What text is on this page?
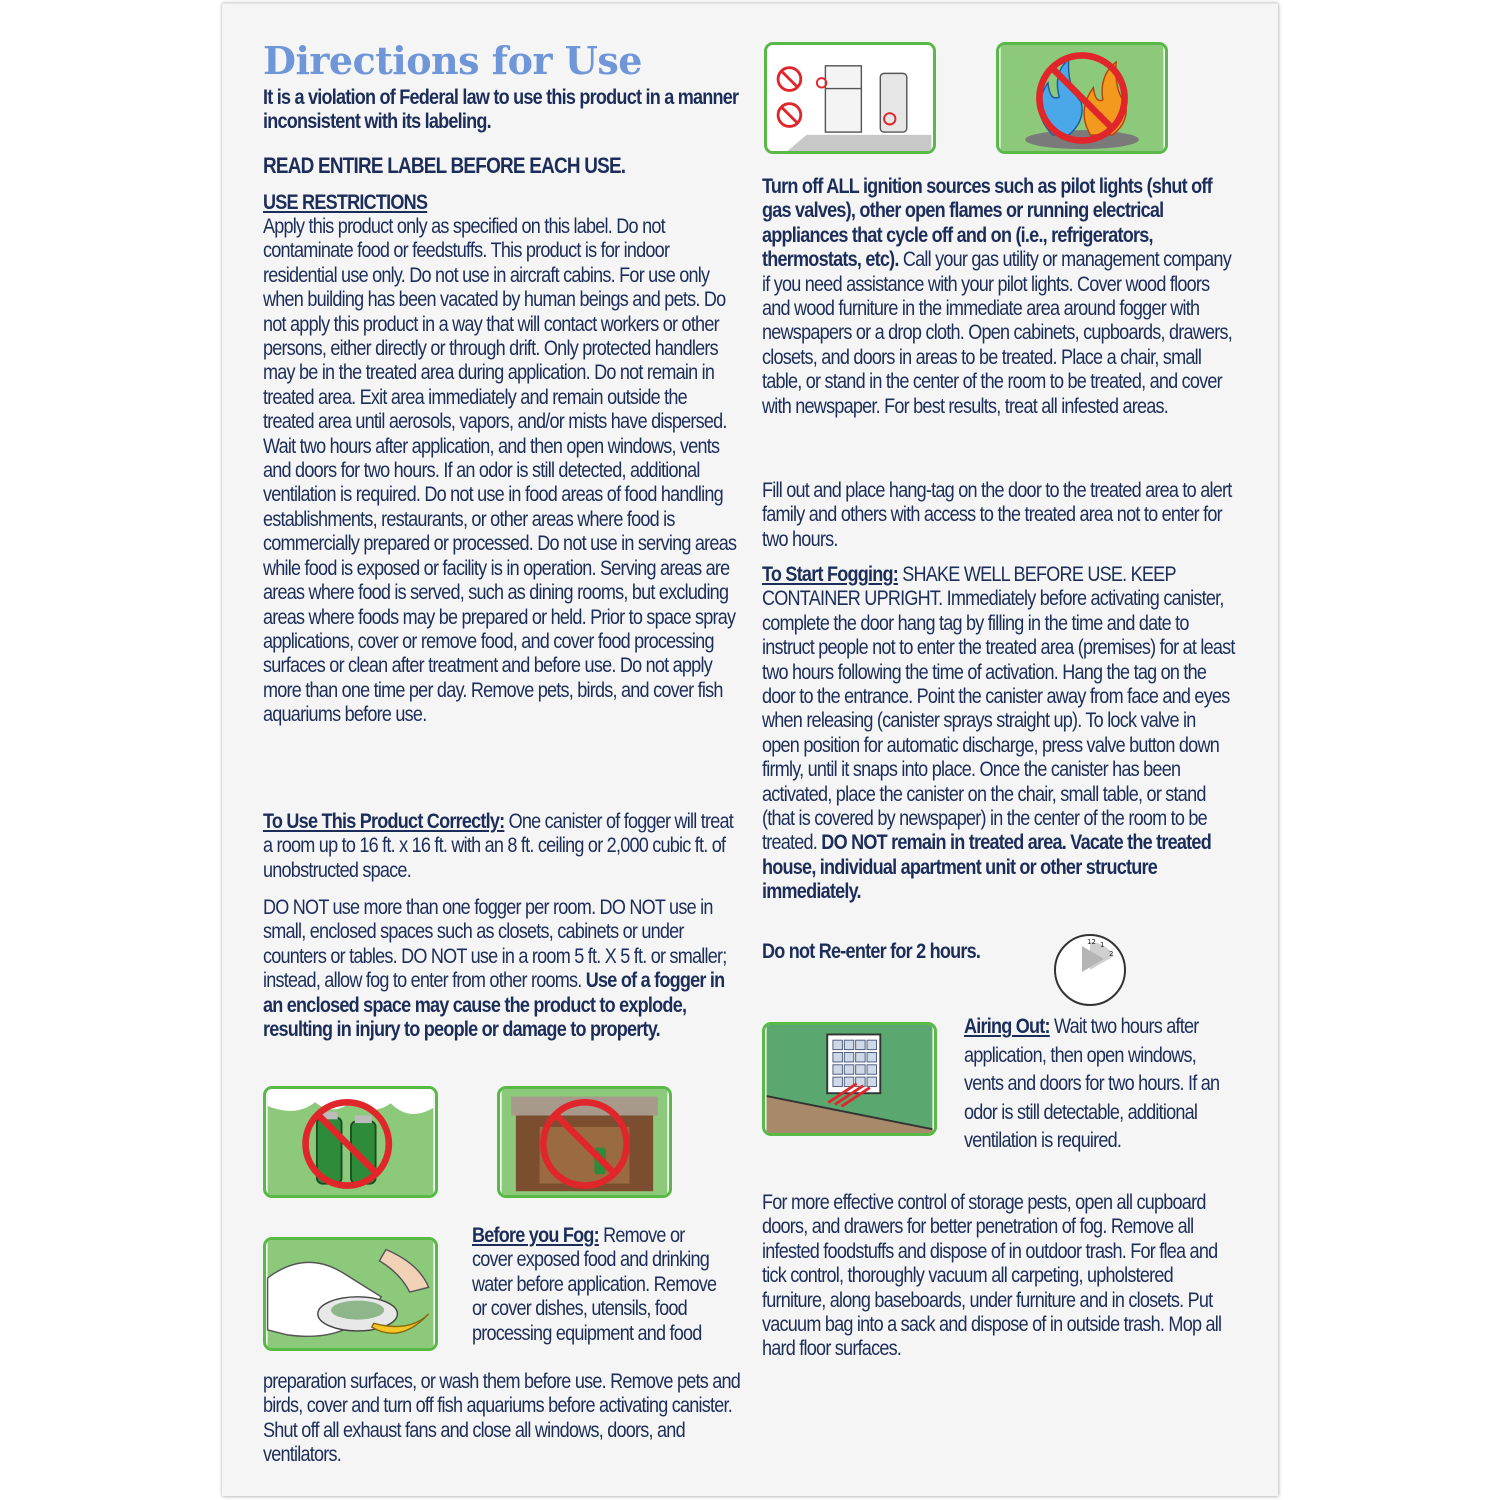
Directions for Use

It is a violation of Federal law to use this product in a manner inconsistent with its labeling.

READ ENTIRE LABEL BEFORE EACH USE.

USE RESTRICTIONS

Apply this product only as specified on this label. Do not contaminate food or feedstuffs. This product is for indoor residential use only. Do not use in aircraft cabins. For use only when building has been vacated by human beings and pets. Do not apply this product in a way that will contact workers or other persons, either directly or through drift. Only protected handlers may be in the treated area during application. Do not remain in treated area. Exit area immediately and remain outside the treated area until aerosols, vapors, and/or mists have dispersed. Wait two hours after application, and then open windows, vents and doors for two hours. If an odor is still detected, additional ventilation is required. Do not use in food areas of food handling establishments, restaurants, or other areas where food is commercially prepared or processed. Do not use in serving areas while food is exposed or facility is in operation. Serving areas are areas where food is served, such as dining rooms, but excluding areas where foods may be prepared or held. Prior to space spray applications, cover or remove food, and cover food processing surfaces or clean after treatment and before use. Do not apply more than one time per day. Remove pets, birds, and cover fish aquariums before use.

To Use This Product Correctly: One canister of fogger will treat a room up to 16 ft. x 16 ft. with an 8 ft. ceiling or 2,000 cubic ft. of unobstructed space.

DO NOT use more than one fogger per room. DO NOT use in small, enclosed spaces such as closets, cabinets or under counters or tables. DO NOT use in a room 5 ft. X 5 ft. or smaller; instead, allow fog to enter from other rooms. Use of a fogger in an enclosed space may cause the product to explode, resulting in injury to people or damage to property.

Before you Fog: Remove or cover exposed food and drinking water before application. Remove or cover dishes, utensils, food processing equipment and food

preparation surfaces, or wash them before use. Remove pets and birds, cover and turn off fish aquariums before activating canister. Shut off all exhaust fans and close all windows, doors, and ventilators.

Turn off ALL ignition sources such as pilot lights (shut off gas valves), other open flames or running electrical appliances that cycle off and on (i.e., refrigerators, thermostats, etc). Call your gas utility or management company if you need assistance with your pilot lights. Cover wood floors and wood furniture in the immediate area around fogger with newspapers or a drop cloth. Open cabinets, cupboards, drawers, closets, and doors in areas to be treated. Place a chair, small table, or stand in the center of the room to be treated, and cover with newspaper. For best results, treat all infested areas.

Fill out and place hang-tag on the door to the treated area to alert family and others with access to the treated area not to enter for two hours.

To Start Fogging: SHAKE WELL BEFORE USE. KEEP CONTAINER UPRIGHT. Immediately before activating canister, complete the door hang tag by filling in the time and date to instruct people not to enter the treated area (premises) for at least two hours following the time of activation. Hang the tag on the door to the entrance. Point the canister away from face and eyes when releasing (canister sprays straight up). To lock valve in open position for automatic discharge, press valve button down firmly, until it snaps into place. Once the canister has been activated, place the canister on the chair, small table, or stand (that is covered by newspaper) in the center of the room to be treated. DO NOT remain in treated area. Vacate the treated house, individual apartment unit or other structure immediately.

Do not Re-enter for 2 hours.	12 1
2

Airing Out: Wait two hours after application, then open windows, vents and doors for two hours. If an odor is still detectable, additional ventilation is required.

For more effective control of storage pests, open all cupboard doors, and drawers for better penetration of fog. Remove all infested foodstuffs and dispose of in outdoor trash. For flea and tick control, thoroughly vacuum all carpeting, upholstered furniture, along baseboards, under furniture and in closets. Put vacuum bag into a sack and dispose of in outside trash. Mop all hard floor surfaces.
